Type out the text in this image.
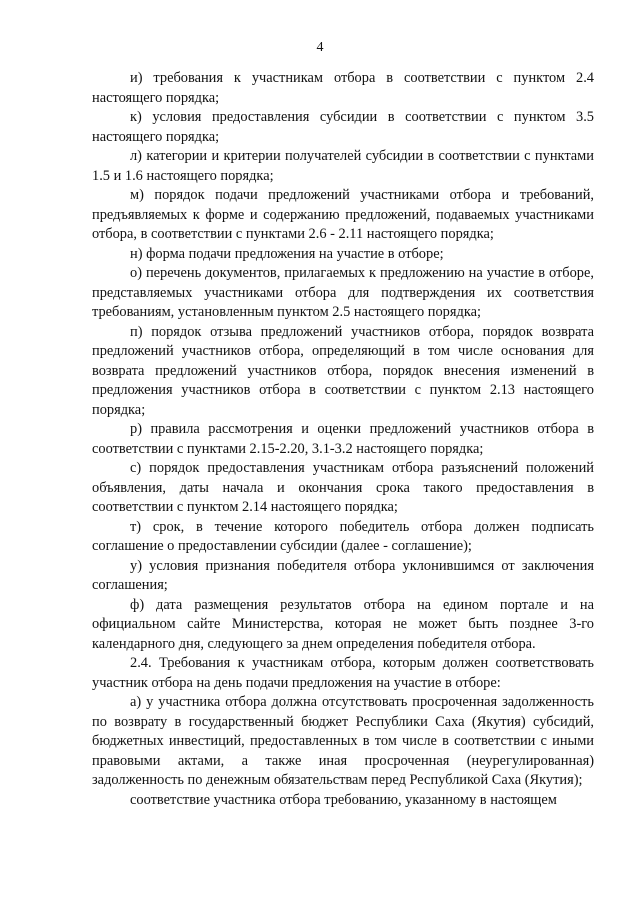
4

и) требования к участникам отбора в соответствии с пунктом 2.4 настоящего порядка;

к) условия предоставления субсидии в соответствии с пунктом 3.5 настоящего порядка;

л) категории и критерии получателей субсидии в соответствии с пунктами 1.5 и 1.6 настоящего порядка;

м) порядок подачи предложений участниками отбора и требований, предъявляемых к форме и содержанию предложений, подаваемых участниками отбора, в соответствии с пунктами 2.6 - 2.11 настоящего порядка;

н) форма подачи предложения на участие в отборе;

о) перечень документов, прилагаемых к предложению на участие в отборе, представляемых участниками отбора для подтверждения их соответствия требованиям, установленным пунктом 2.5 настоящего порядка;

п) порядок отзыва предложений участников отбора, порядок возврата предложений участников отбора, определяющий в том числе основания для возврата предложений участников отбора, порядок внесения изменений в предложения участников отбора в соответствии с пунктом 2.13 настоящего порядка;

р) правила рассмотрения и оценки предложений участников отбора в соответствии с пунктами 2.15-2.20, 3.1-3.2 настоящего порядка;

с) порядок предоставления участникам отбора разъяснений положений объявления, даты начала и окончания срока такого предоставления в соответствии с пунктом 2.14 настоящего порядка;

т) срок, в течение которого победитель отбора должен подписать соглашение о предоставлении субсидии (далее - соглашение);

у) условия признания победителя отбора уклонившимся от заключения соглашения;

ф) дата размещения результатов отбора на едином портале и на официальном сайте Министерства, которая не может быть позднее 3-го календарного дня, следующего за днем определения победителя отбора.

2.4. Требования к участникам отбора, которым должен соответствовать участник отбора на день подачи предложения на участие в отборе:

а) у участника отбора должна отсутствовать просроченная задолженность по возврату в государственный бюджет Республики Саха (Якутия) субсидий, бюджетных инвестиций, предоставленных в том числе в соответствии с иными правовыми актами, а также иная просроченная (неурегулированная) задолженность по денежным обязательствам перед Республикой Саха (Якутия);

соответствие участника отбора требованию, указанному в настоящем
